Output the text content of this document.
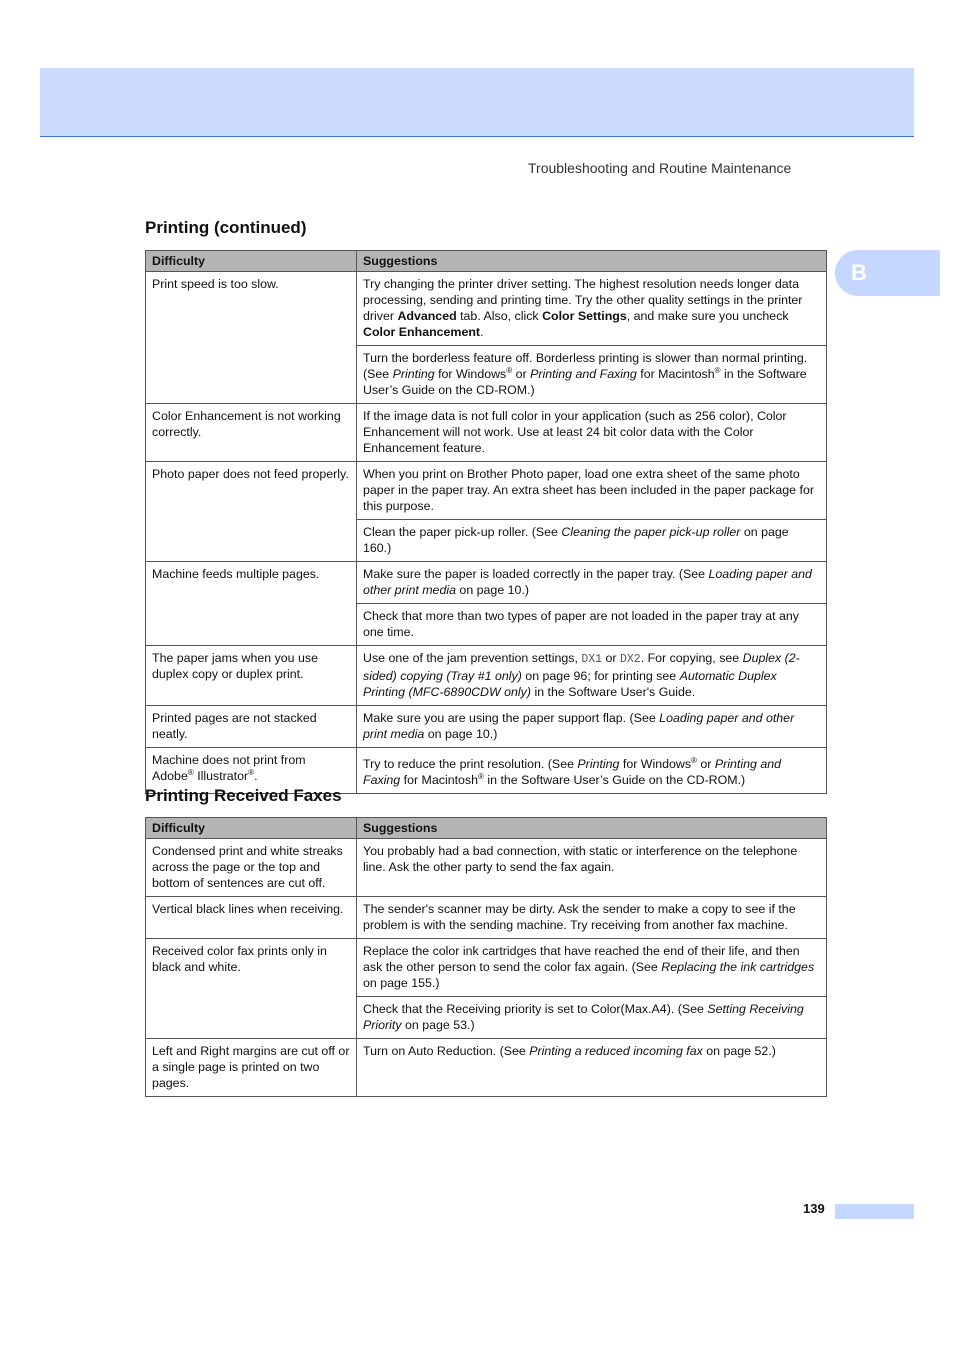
Troubleshooting and Routine Maintenance
B
Printing (continued)
Difficulty	Suggestions
Print speed is too slow.	Try changing the printer driver setting. The highest resolution needs longer data processing, sending and printing time. Try the other quality settings in the printer driver Advanced tab. Also, click Color Settings, and make sure you uncheck Color Enhancement.
	Turn the borderless feature off. Borderless printing is slower than normal printing. (See Printing for Windows® or Printing and Faxing for Macintosh® in the Software User’s Guide on the CD-ROM.)
Color Enhancement is not working correctly.	If the image data is not full color in your application (such as 256 color), Color Enhancement will not work. Use at least 24 bit color data with the Color Enhancement feature.
Photo paper does not feed properly.	When you print on Brother Photo paper, load one extra sheet of the same photo paper in the paper tray. An extra sheet has been included in the paper package for this purpose.
	Clean the paper pick-up roller. (See Cleaning the paper pick-up roller on page 160.)
Machine feeds multiple pages.	Make sure the paper is loaded correctly in the paper tray. (See Loading paper and other print media on page 10.)
	Check that more than two types of paper are not loaded in the paper tray at any one time.
The paper jams when you use duplex copy or duplex print.	Use one of the jam prevention settings, DX1 or DX2. For copying, see Duplex (2-sided) copying (Tray #1 only) on page 96; for printing see Automatic Duplex Printing (MFC-6890CDW only) in the Software User's Guide.
Printed pages are not stacked neatly.	Make sure you are using the paper support flap. (See Loading paper and other print media on page 10.)
Machine does not print from Adobe® Illustrator®.	Try to reduce the print resolution. (See Printing for Windows® or Printing and Faxing for Macintosh® in the Software User’s Guide on the CD-ROM.)
Printing Received Faxes
Difficulty	Suggestions
Condensed print and white streaks across the page or the top and bottom of sentences are cut off.	You probably had a bad connection, with static or interference on the telephone line. Ask the other party to send the fax again.
Vertical black lines when receiving.	The sender's scanner may be dirty. Ask the sender to make a copy to see if the problem is with the sending machine. Try receiving from another fax machine.
Received color fax prints only in black and white.	Replace the color ink cartridges that have reached the end of their life, and then ask the other person to send the color fax again. (See Replacing the ink cartridges on page 155.)
	Check that the Receiving priority is set to Color(Max.A4). (See Setting Receiving Priority on page 53.)
Left and Right margins are cut off or a single page is printed on two pages.	Turn on Auto Reduction. (See Printing a reduced incoming fax on page 52.)
139
